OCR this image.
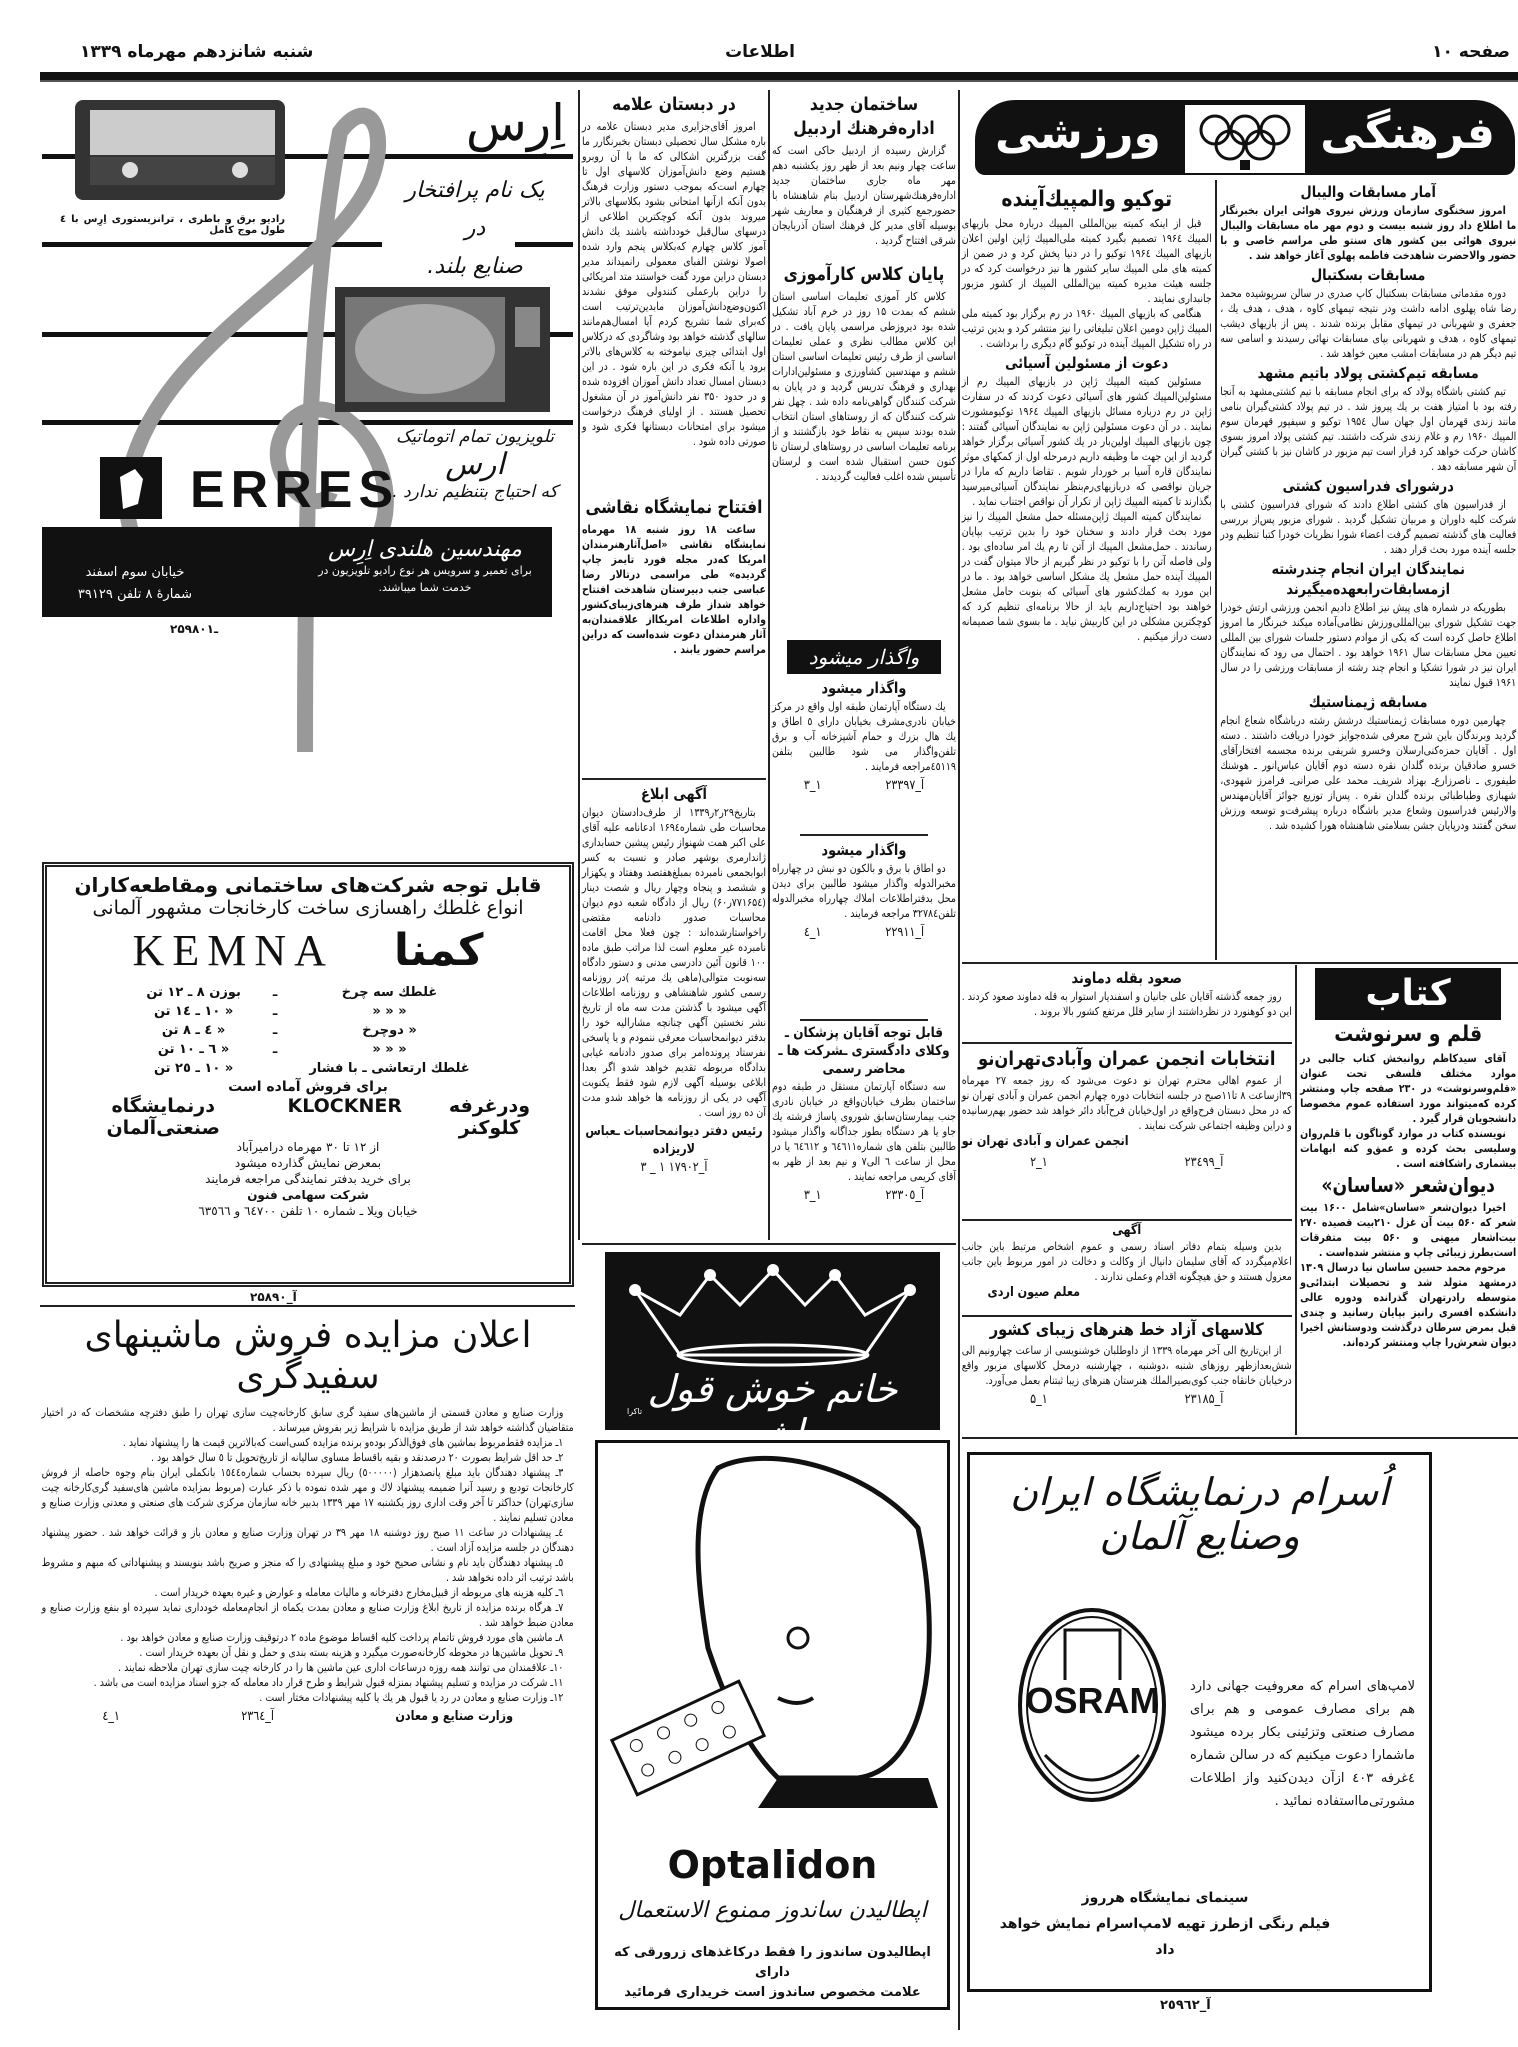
صفحه ۱۰
اطلاعات
شنبه شانزدهم مهرماه ۱۳۳۹
اِرِس
یک نام پرافتخار
در
صنایع بلند.
رادیو برق و باطری ، ترانزیستوری اِرِس با ٤ طول موج کامل
تلویزیون تمام اتوماتیک
ارس
که احتیاج بتنظیم ندارد .
ERRES
مهندسین هلندی اِرِس
برای تعمیر و سرویس هر نوع رادیو تلویزیون در خدمت شما میباشند.
خیابان سوم اسفند
شمارهٔ ۸ تلفن ۳۹۱۲۹
۲۵۹۸۰ـ۱
قابل توجه شرکت‌های ساختمانی ومقاطعه‌کاران
انواع غلطك راهسازی ساخت کارخانجات مشهور آلمانی
کمنا
KEMNA
غلطك سه چرخ	ـ	بوزن ۸ ـ ۱۲ تن
« « «	ـ	« ۱۰ ـ ۱٤ تن
« دوچرخ	ـ	« ٤ ـ ۸ تن
« « «	ـ	« ٦ ـ ۱۰ تن
غلطك ارتعاشی ـ با فشار		« ۱۰ ـ ۲٥ تن
برای فروش آماده است
ودرغرفه کلوکنر
KLOCKNER
درنمایشگاه صنعتی‌آلمان
از ۱۲ تا ۳۰ مهرماه درامیرآباد
بمعرض نمایش گذارده میشود
برای خرید بدفتر نمایندگی مراجعه فرمایند
شرکت سهامی فنون
خیابان ویلا ـ شماره ۱۰ تلفن ٦٤٧٠۰ و ٦٣٥٦٦
آ_۲۵۸۹۰
اعلان مزایده فروش ماشینهای سفیدگری

وزارت صنایع و معادن قسمتی از ماشین‌های سفید گری سابق کارخانه‌چیت سازی تهران را طبق دفترچه مشخصات که در اختیار متقاضیان گذاشته خواهد شد از طریق مزایده با شرایط زیر بفروش میرساند .

۱ـ مزایده فقط‌مربوط بماشین های فوق‌الذکر بوده‌و برنده مزایده کسی‌است که‌بالاترین قیمت ها را پیشنهاد نماید .

۲ـ حد اقل شرایط بصورت ۲۰ درصدنقد و بقیه باقساط مساوی سالیانه از تاریخ‌تحویل تا ٥ سال خواهد بود .

۳ـ پیشنهاد دهندگان باید مبلغ پانصدهزار (٥۰۰۰۰۰) ریال سپرده بحساب شماره۱٥٤٤ بانکملی ایران بنام وجوه حاصله از فروش کارخانجات تودیع و رسید آنرا ضمیمه پیشنهاد لاك و مهر شده نموده با ذکر عبارت (مربوط بمزایده ماشین های‌سفید گری‌کارخانه چیت سازی‌تهران) حداکثر تا آخر وقت اداری روز یکشنبه ۱۷ مهر ۱۳۳۹ بدبیر خانه سازمان مرکزی شرکت های صنعتی و معدنی وزارت صنایع و معادن تسلیم نمایند .

٤ـ پیشنهادات در ساعت ۱۱ صبح روز دوشنبه ۱۸ مهر ۳۹ در تهران وزارت صنایع و معادن باز و قرائت خواهد شد . حضور پیشنهاد دهندگان در جلسه مزایده آزاد است .

٥ـ پیشنهاد دهندگان باید نام و نشانی صحیح خود و مبلغ پیشنهادی را که منجز و صریح باشد بنویسند و پیشنهاداتی که مبهم و مشروط باشد ترتیب اثر داده نخواهد شد .

٦ـ کلیه هزینه های مربوطه از قبیل‌مخارج دفترخانه و مالیات معامله و عوارض و غیره بعهده خریدار است .

۷ـ هرگاه برنده مزایده از تاریخ ابلاغ وزارت صنایع و معادن بمدت یکماه از انجام‌معامله خودداری نماید سپرده او بنفع وزارت صنایع و معادن ضبط خواهد شد .

۸ـ ماشین های مورد فروش تاتمام پرداخت کلیه اقساط موضوع ماده ۲ درتوقیف وزارت صنایع و معادن خواهد بود .

۹ـ تحویل ماشین‌ها در محوطه کارخانه‌صورت میگیرد و هزینه بسته بندی و حمل و نقل آن بعهده خریدار است .

۱۰ـ علاقمندان می توانند همه روزه درساعات اداری عین ماشین ها را در کارخانه چیت سازی تهران ملاحظه نمایند .

۱۱ـ شرکت در مزایده و تسلیم پیشنهاد بمنزله قبول شرایط و طرح قرار داد معامله که جزو اسناد مزایده است می باشد .

۱۲ـ وزارت صنایع و معادن در رد یا قبول هر یك یا کلیه پیشنهادات مختار است .

وزارت صنایع و معادن
آ_۲۳٦٤
۱_٤
در دبستان علامه

امروز آقای‌جزایری مدیر دبستان علامه در باره مشکل سال تحصیلی دبستان بخبرنگارر ما گفت بزرگترین اشکالی که ما با آن روبرو هستیم وضع دانش‌آموزان کلاسهای اول تا چهارم است‌که بموجب دستور وزارت فرهنگ بدون آنکه ازآنها امتحانی بشود بکلاسهای بالاتر میروند بدون آنکه کوچکترین اطلاعی از درسهای سال‌قبل خودداشته باشند یك دانش آموز کلاس چهارم که‌بکلاس پنجم وارد شده اصولا نوشتن الفبای معمولی رانمیداند مدیر دبستان دراین مورد گفت خواستند متد امریکائی را دراین بارعملی کنندولی موفق نشدند اکنون‌وضع‌دانش‌آموزان مابدین‌ترتیب است که‌برای شما تشریح کردم آیا امسال‌هم‌مانند سالهای گذشته خواهد بود وشاگردی که درکلاس اول ابتدائی چیزی نیاموخته به کلاس‌های بالاتر برود یا آنکه فکری در این باره شود . در این دبستان امسال تعداد دانش آموزان افزوده شده و در حدود ۳۵۰ نفر دانش‌آموز در آن مشغول تحصیل هستند . از اولیای فرهنگ درخواست میشود برای امتحانات دبستانها فکری شود و صورتی داده شود .

افتتاح نمایشگاه نقاشی

ساعت ۱۸ روز شنبه ۱۸ مهرماه نمایشگاه نقاشی «اصل‌آثارهنرمندان امریکا که‌در مجله فورد تایمز چاپ گردیده» طی مراسمی درتالار رضا عباسی جنب دبیرستان شاهدخت افتتاح خواهد شداز طرف هنرهای‌زیبای‌کشور واداره اطلاعات امریکااز علاقمندان‌به آثار هنرمندان دعوت شده‌است که دراین مراسم حضور یابند .

آگهی ابلاغ

بتاریخ۲۹ر۲ر۱۳۳۹ از طرف‌دادستان دیوان محاسبات طی شماره۱۶۹٤ ادعانامه علیه آقای علی اکبر همت شهنواز رئیس پیشین حسابداری ژاندارمری بوشهر صادر و نسبت به کسر ابوابجمعی نامبرده بمبلغ‌هفتصد وهفتاد و یکهزار و ششصد و پنجاه وچهار ریال و شصت دینار (۷۷۱۶۵٤ر۶۰) ریال از دادگاه شعبه دوم دیوان محاسبات صدور دادنامه مقتضی راخواستارشده‌اند : چون فعلا محل اقامت نامبرده غیر معلوم است لذا مراتب طبق ماده ۱۰۰ قانون آئین دادرسی مدنی و دستور دادگاه سه‌نوبت متوالی(ماهی یك مرتبه )در روزنامه رسمی کشور شاهنشاهی و روزنامه اطلاعات آگهی میشود با گذشتن مدت سه ماه از تاریخ نشر نخستین آگهی چنانچه مشارالیه خود را بدفتر دیوانمحاسبات معرفی ننمودم و یا پاسخی نفرستاد پرونده‌امر برای صدور دادنامه غیابی بدادگاه مربوطه تقدیم خواهد شدو اگر بعدا ابلاغی بوسیله آگهی لازم شود فقط یکنوبت آگهی در یکی از روزنامه ها خواهد شدو مدت آن ده روز است .

رئیس دفتر دیوانمحاسبات ـعباس لاریزاده
آ_۱۷۹۰۲ ۱ _ ۳
ساختمان جدید اداره‌فرهنك اردبیل

گزارش رسیده از اردبیل حاکی است که ساعت چهار ونیم بعد از ظهر روز یکشنبه دهم مهر ماه جاری ساختمان جدید اداره‌فرهنك‌شهرستان اردبیل بنام شاهنشاه با حضورجمع کثیری از فرهنگیان و معاریف شهر بوسیله آقای مدیر کل فرهنك استان آذربایجان شرقی افتتاح گردید .

پایان کلاس کارآموزی

کلاس کار آموزی تعلیمات اساسی استان ششم که بمدت ۱۵ روز در خرم آباد تشکیل شده بود دیروزطی مراسمی پایان یافت . در این کلاس مطالب نظری و عملی تعلیمات اساسی از طرف رئیس تعلیمات اساسی استان ششم و مهندسین کشاورزی و مسئولین‌ادارات بهداری و فرهنگ تدریس گردید و در پایان به شرکت کنندگان گواهی‌نامه داده شد . چهل نفر شرکت کنندگان که از روستاهای استان انتخاب شده بودند سپس به نقاط خود بازگشتند و از برنامه تعلیمات اساسی در روستاهای لرستان تا کنون حسن استقبال شده است و لرستان تأسیس شده اغلب فعالیت گردیدند .

واگذار میشود
واگذار میشود

یك دستگاه آپارتمان طبقه اول واقع در مرکز خیابان نادری‌مشرف بخیابان دارای ٥ اطاق و یك هال بزرك و حمام آشپزخانه آب و برق تلفن‌واگذار می شود طالبین بتلفن ٤٥١١٩مراجعه فرمایند .

آ_۲۳۳۹۷
۱_۳
واگذار میشود

دو اطاق با برق و بالکون دو نبش در چهارراه مخبرالدوله واگذار میشود طالبین برای دیدن محل بدفتراطلاعات املاك چهارراه مخبرالدوله تلفن۳۲۷۸٤ مراجعه فرمایند .

آ_۲۲۹۱۱
۱_٤
قابل توجه آقایان پزشکان ـ وکلای دادگستری ـشرکت ها ـ محاضر رسمی

سه دستگاه آپارتمان مستقل در طبقه دوم ساختمان بطرف خیابان‌واقع در خیابان نادری جنب بیمارستان‌سابق شوروی پاساژ فرشته یك جاو یا هر دستگاه بطور جداگانه واگذار میشود طالبین بتلفن های شماره٦٤٦١١ و ٦٤٦١٢ یا در محل از ساعت ٦ الی۷ و نیم بعد از ظهر به آقای کریمی مراجعه نمایند .

آ_۲۳۳۰٥
۱_۳
خانم خوش قول باشید
تاکرا
Optalidon
اپطالیدن ساندوز ممنوع الاستعمال
اپطالیدون ساندوز را فقط درکاغذهای زرورقی که دارای
علامت مخصوص ساندوز است خریداری فرمائید
فرهنگی
ورزشی
آمار مسابقات والیبال

امروز سخنگوی سازمان ورزش نیروی هوائی ایران بخبرنگار ما اطلاع داد روز شنبه بیست و دوم مهر ماه مسابقات والیبال نیروی هوائی بین کشور های سنتو طی مراسم خاصی و با حضور والاحضرت شاهدخت فاطمه پهلوی آغاز خواهد شد .

مسابقات بسکتبال

دوره مقدماتی مسابقات بسکتبال کاپ صدری در سالن سرپوشیده محمد رضا شاه پهلوی ادامه داشت ودر نتیجه تیمهای کاوه ، هدف ، هدف یك ، جعفری و شهربانی در تیمهای مقابل برنده شدند . پس از بازیهای دیشب تیمهای کاوه ، هدف و شهربانی بپای مسابقات نهائی رسیدند و اسامی سه تیم دیگر هم در مسابقات امشب معین خواهد شد .

مسابقه تیم‌کشتی پولاد باتیم مشهد

تیم کشتی باشگاه پولاد که برای انجام مسابقه با تیم کشتی‌مشهد به آنجا رفته بود با امتیاز هفت بر یك پیروز شد . در تیم پولاد کشتی‌گیران بنامی مانند زندی قهرمان اول جهان سال ۱۹۵٤ توکیو و سیفپور قهرمان سوم المپیك ۱۹۶۰ رم و غلام زندی شرکت داشتند. تیم کشتی پولاد امروز بسوی کاشان حرکت خواهد کرد قرار است تیم مزبور در کاشان نیز با کشتی گیران آن شهر مسابقه دهد .

درشورای فدراسیون کشتی

از فدراسیون های کشتی اطلاع دادند که شورای فدراسیون کشتی با شرکت کلیه داوران و مربیان تشکیل گردید . شورای مزبور پس‌از بررسی فعالیت های گذشته تصمیم گرفت اعضاء شورا نظریات خودرا کتبا تنظیم ودر جلسه آینده مورد بحث قرار دهند .

نمایندگان ایران انجام چندرشته ازمسابقات‌رابعهده‌میگیرند

بطوریکه در شماره های پیش نیز اطلاع دادیم انجمن ورزشی ارتش خودرا جهت تشکیل شورای بین‌المللی‌ورزش نظامی‌آماده میکند خبرنگار ما امروز اطلاع حاصل کرده است که یکی از موادم دستور جلسات شورای بین المللی تعیین محل مسابقات سال ۱۹۶۱ خواهد بود . احتمال می رود که نمایندگان ایران نیز در شورا تشکیا و انجام چند رشته از مسابقات ورزشی را در سال ۱۹۶۱ قبول نمایند

مسابقه ژیمناستیك

چهارمین دوره مسابقات ژیمناستیك درشش رشته درباشگاه شعاع انجام گردید وبرندگان باین شرح معرفی شده‌جوایز خودرا دریافت داشتند . دسته اول . آقایان حمزه‌کنی‌ارسلان وخسرو شریفی برنده مجسمه افتخارآقای خسرو صادقیان برنده گلدان نقره دسته دوم آقایان عباس‌انور ـ هوشنك طیفوری ـ ناصرزارع‌ـ بهزاد شریف‌ـ محمد علی صرانی‌ـ فرامرز شهودی، شهبازی وطباطبائی برنده گلدان نقره . پس‌از توزیع جوائز آقایان‌مهندس والارئیس فدراسیون وشعاع مدیر باشگاه درباره پیشرفت‌و توسعه ورزش سخن گفتند ودرپایان جشن بسلامتی شاهنشاه هورا کشیده شد .

توکیو والمپیك‌آینده

قبل از اینکه کمیته بین‌المللی المپیك درباره محل بازیهای المپیك ۱۹۶٤ تصمیم بگیرد کمیته ملی‌المپیك ژاپن اولین اعلان بازیهای المپیك ۱۹۶٤ توکیو را در دنیا پخش کرد و در ضمن از کمیته های ملی المپیك سایر کشور ها نیز درخواست کرد که در جلسه هیئت مدیره کمیته بین‌المللی المپیك از کشور مزبور جانبداری نمایند .

هنگامی که بازیهای المپیك ۱۹۶۰ در رم برگزار بود کمیته ملی المپیك ژاپن دومین اعلان تبلیغاتی را نیز منتشر کرد و بدین ترتیب در راه تشکیل المپیك آینده در توکیو گام دیگری را برداشت .

دعوت از مسئولین آسیائی

مسئولین کمیته المپیك ژاپن در بازیهای المپیك رم از مسئولین‌المپیك کشور های آسیائی دعوت کردند که در سفارت ژاپن در رم درباره مسائل بازیهای المپیك ۱۹۶٤ توکیومشورت نمایند . در آن دعوت مسئولین ژاپن به نمایندگان آسیائی گفتند : چون بازیهای المپیك اولین‌بار در یك کشور آسیائی برگزار خواهد گردید از این جهت ما وظیفه داریم درمرحله اول از کمکهای موثر نمایندگان قاره آسیا بر خوردار شویم . تقاضا داریم که مارا در جریان نواقصی که دربازیهای‌رم‌بنظر نمایندگان آسیائی‌میرسید بگذارند تا کمیته المپیك ژاپن از تکرار آن نواقص اجتناب نماید .

نمایندگان کمیته المپیك ژاپن‌مسئله حمل مشعل المپیك را نیز مورد بحث قرار دادند و سخنان خود را بدین ترتیب بپایان رساندند . حمل‌مشعل المپیك از آتن تا رم یك امر ساده‌ای بود . ولی فاصله آتن را با توکیو در نظر گیریم از حالا میتوان گفت در المپیك آینده حمل مشعل یك مشکل اساسی خواهد بود . ما در این مورد به کمك‌کشور های آسیائی که بنوبت حامل مشعل خواهند بود احتیاج‌داریم باید از حالا برنامه‌ای تنظیم کرد که کوچکترین مشکلی در این کاربیش نیاید . ما بسوی شما صمیمانه دست دراز میکنیم .

صعود بقله دماوند

روز جمعه گذشته آقایان علی جانیان و اسفندیار استوار به قله دماوند صعود کردند . این دو کوهنورد در نظرداشتند از سایر قلل مرتفع کشور بالا بروند .	کتاب
قلم و سرنوشت

آقای سیدکاظم روانبخش کتاب جالبی در موارد مختلف فلسفی تحت عنوان «قلم‌وسرنوشت» در ۲۳۰ صفحه چاپ ومنتشر کرده که‌میتواند مورد استفاده عموم مخصوصا دانشجویان قرار گیرد .

نویسنده کتاب در موارد گوناگون با قلم‌روان وسلیسی بحث کرده و عمق‌و کنه ابهامات بیشماری راشکافته است .

دیوان‌شعر «ساسان»

اخیرا دیوان‌شعر «ساسان»شامل ۱۶۰۰ بیت شعر که ۵۶۰ بیت آن غزل ۲۱۰بیت قصیده ۲۷۰ بیت‌اشعار میهنی و ۵۶۰ بیت متفرقات است‌بطرز زیبائی چاپ و منتشر شده‌است .

مرحوم محمد حسین ساسان نیا درسال ۱۳۰۹ درمشهد متولد شد و تحصیلات ابتدائی‌و متوسطه رادرتهران گذرانده ودوره عالی دانشکده افسری رانیز بپایان رسانید و چندی قبل بمرض سرطان درگذشت ودوستانش اخیرا دیوان شعرش‌را چاپ ومنتشر کرده‌اند.

انتخابات انجمن عمران وآبادی‌تهران‌نو

از عموم اهالی محترم تهران نو دعوت می‌شود که روز جمعه ۲۷ مهرماه ۳۹ازساعت ۸ تا۱۱صبح در جلسه انتخابات دوره چهارم انجمن عمران و آبادی تهران نو که در محل دبستان فرح‌واقع در اول‌خیابان فرح‌آباد دائر خواهد شد حضور بهم‌رسانیده و دراین وظیفه اجتماعی شرکت نمایند .

انجمن عمران و آبادی تهران نو
آ_۲۳٤۹۹
۱_۲
آگهی

بدین وسیله بتمام دفاتر اسناد رسمی و عموم اشخاص مرتبط باین جانب اعلام‌میگردد که آقای سلیمان دانیال از وکالت و دخالت در امور مربوط باین جانب معزول هستند و حق هیچگونه اقدام وعملی ندارند .

معلم صیون اردی
کلاسهای آزاد خط هنرهای زیبای کشور

از این‌تاریخ الی آخر مهرماه ۱۳۳۹ از داوطلبان خوشنویسی از ساعت چهارونیم الی شش‌بعدازظهر روزهای شنبه ،دوشنبه ، چهارشنبه درمحل کلاسهای مزبور واقع درخیابان خانقاه جنب کوی‌بصیرالملك هنرستان هنرهای زیبا ثبتنام بعمل می‌آورد.

آ_۲۳۱۸۵
۱_۵
اُسرام درنمایشگاه ایران وصنایع آلمان
OSRAM	لامپ‌های اسرام که معروفیت جهانی دارد هم برای مصارف عمومی و هم برای مصارف صنعتی وتزئینی بکار برده میشود ماشمارا دعوت میکنیم که در سالن شماره ٤غرفه ٤۰۳ ازآن دیدن‌کنید واز اطلاعات مشورتی‌مااستفاده نمائید .
سینمای نمایشگاه هرروز
فیلم رنگی ازطرز تهیه لامپ‌اسرام نمایش خواهد داد
آ_۲٥٩٦۲
